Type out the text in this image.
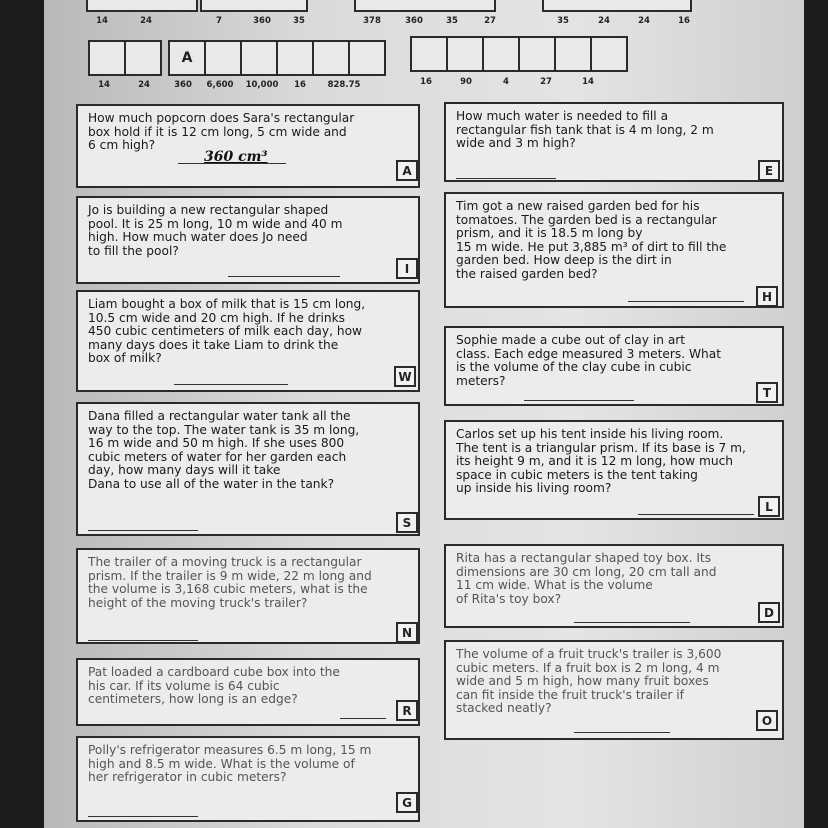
14	24	7	360	35	378	360	35	27	35	24	24	16
A
14	24	360 6,600 10,000 16	828.75	16	90	4	27	14
How much popcorn does Sara's rectangular
box hold if it is 12 cm long, 5 cm wide and
6 cm high?
360 cm³
A
How much water is needed to fill a
rectangular fish tank that is 4 m long, 2 m
wide and 3 m high?
E
Jo is building a new rectangular shaped
pool. It is 25 m long, 10 m wide and 40 m
high. How much water does Jo need
to fill the pool?
I
Tim got a new raised garden bed for his
tomatoes. The garden bed is a rectangular
prism, and it is 18.5 m long by
15 m wide. He put 3,885 m³ of dirt to fill the
garden bed. How deep is the dirt in
the raised garden bed?
H
Liam bought a box of milk that is 15 cm long,
10.5 cm wide and 20 cm high. If he drinks
450 cubic centimeters of milk each day, how
many days does it take Liam to drink the
box of milk?
W
Sophie made a cube out of clay in art
class. Each edge measured 3 meters. What
is the volume of the clay cube in cubic
meters?
T
Dana filled a rectangular water tank all the
way to the top. The water tank is 35 m long,
16 m wide and 50 m high. If she uses 800
cubic meters of water for her garden each
day, how many days will it take
Dana to use all of the water in the tank?
S
Carlos set up his tent inside his living room.
The tent is a triangular prism. If its base is 7 m,
its height 9 m, and it is 12 m long, how much
space in cubic meters is the tent taking
up inside his living room?
L
The trailer of a moving truck is a rectangular
prism. If the trailer is 9 m wide, 22 m long and
the volume is 3,168 cubic meters, what is the
height of the moving truck's trailer?
N
Rita has a rectangular shaped toy box. Its
dimensions are 30 cm long, 20 cm tall and
11 cm wide. What is the volume
of Rita's toy box?
D
Pat loaded a cardboard cube box into the
his car. If its volume is 64 cubic
centimeters, how long is an edge?
R
The volume of a fruit truck's trailer is 3,600
cubic meters. If a fruit box is 2 m long, 4 m
wide and 5 m high, how many fruit boxes
can fit inside the fruit truck's trailer if
stacked neatly?
O
Polly's refrigerator measures 6.5 m long, 15 m
high and 8.5 m wide. What is the volume of
her refrigerator in cubic meters?
G
